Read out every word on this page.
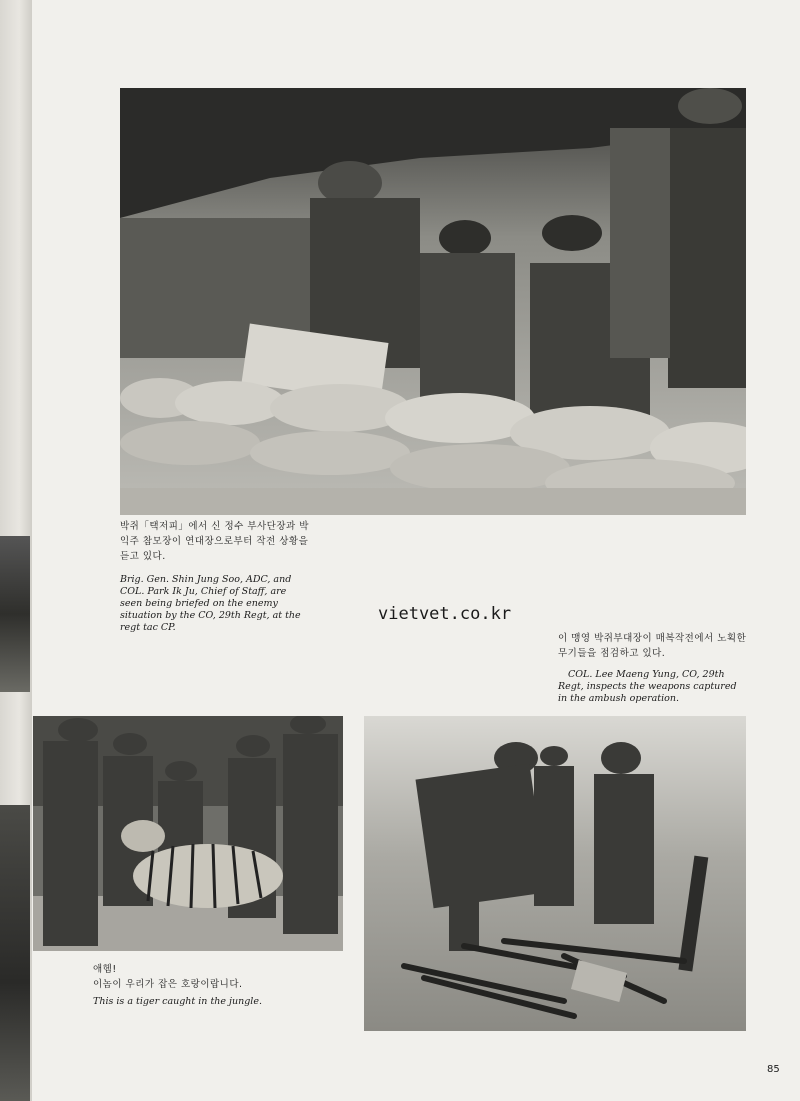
박쥐「택저피」에서 신 정수 부사단장과 박 익주 참모장이 연대장으로부터 작전 상황을 듣고 있다.
Brig. Gen. Shin Jung Soo, ADC, and COL. Park Ik Ju, Chief of Staff, are seen being briefed on the enemy situation by the CO, 29th Regt, at the regt tac CP.
vietvet.co.kr
이 맹영 박쥐부대장이 매복작전에서 노획한 무기들을 점검하고 있다.
COL. Lee Maeng Yung, CO, 29th Regt, inspects the weapons captured in the ambush operation.
애헴!
이놈이 우리가 잡은 호랑이랍니다.
This is a tiger caught in the jungle.
85
